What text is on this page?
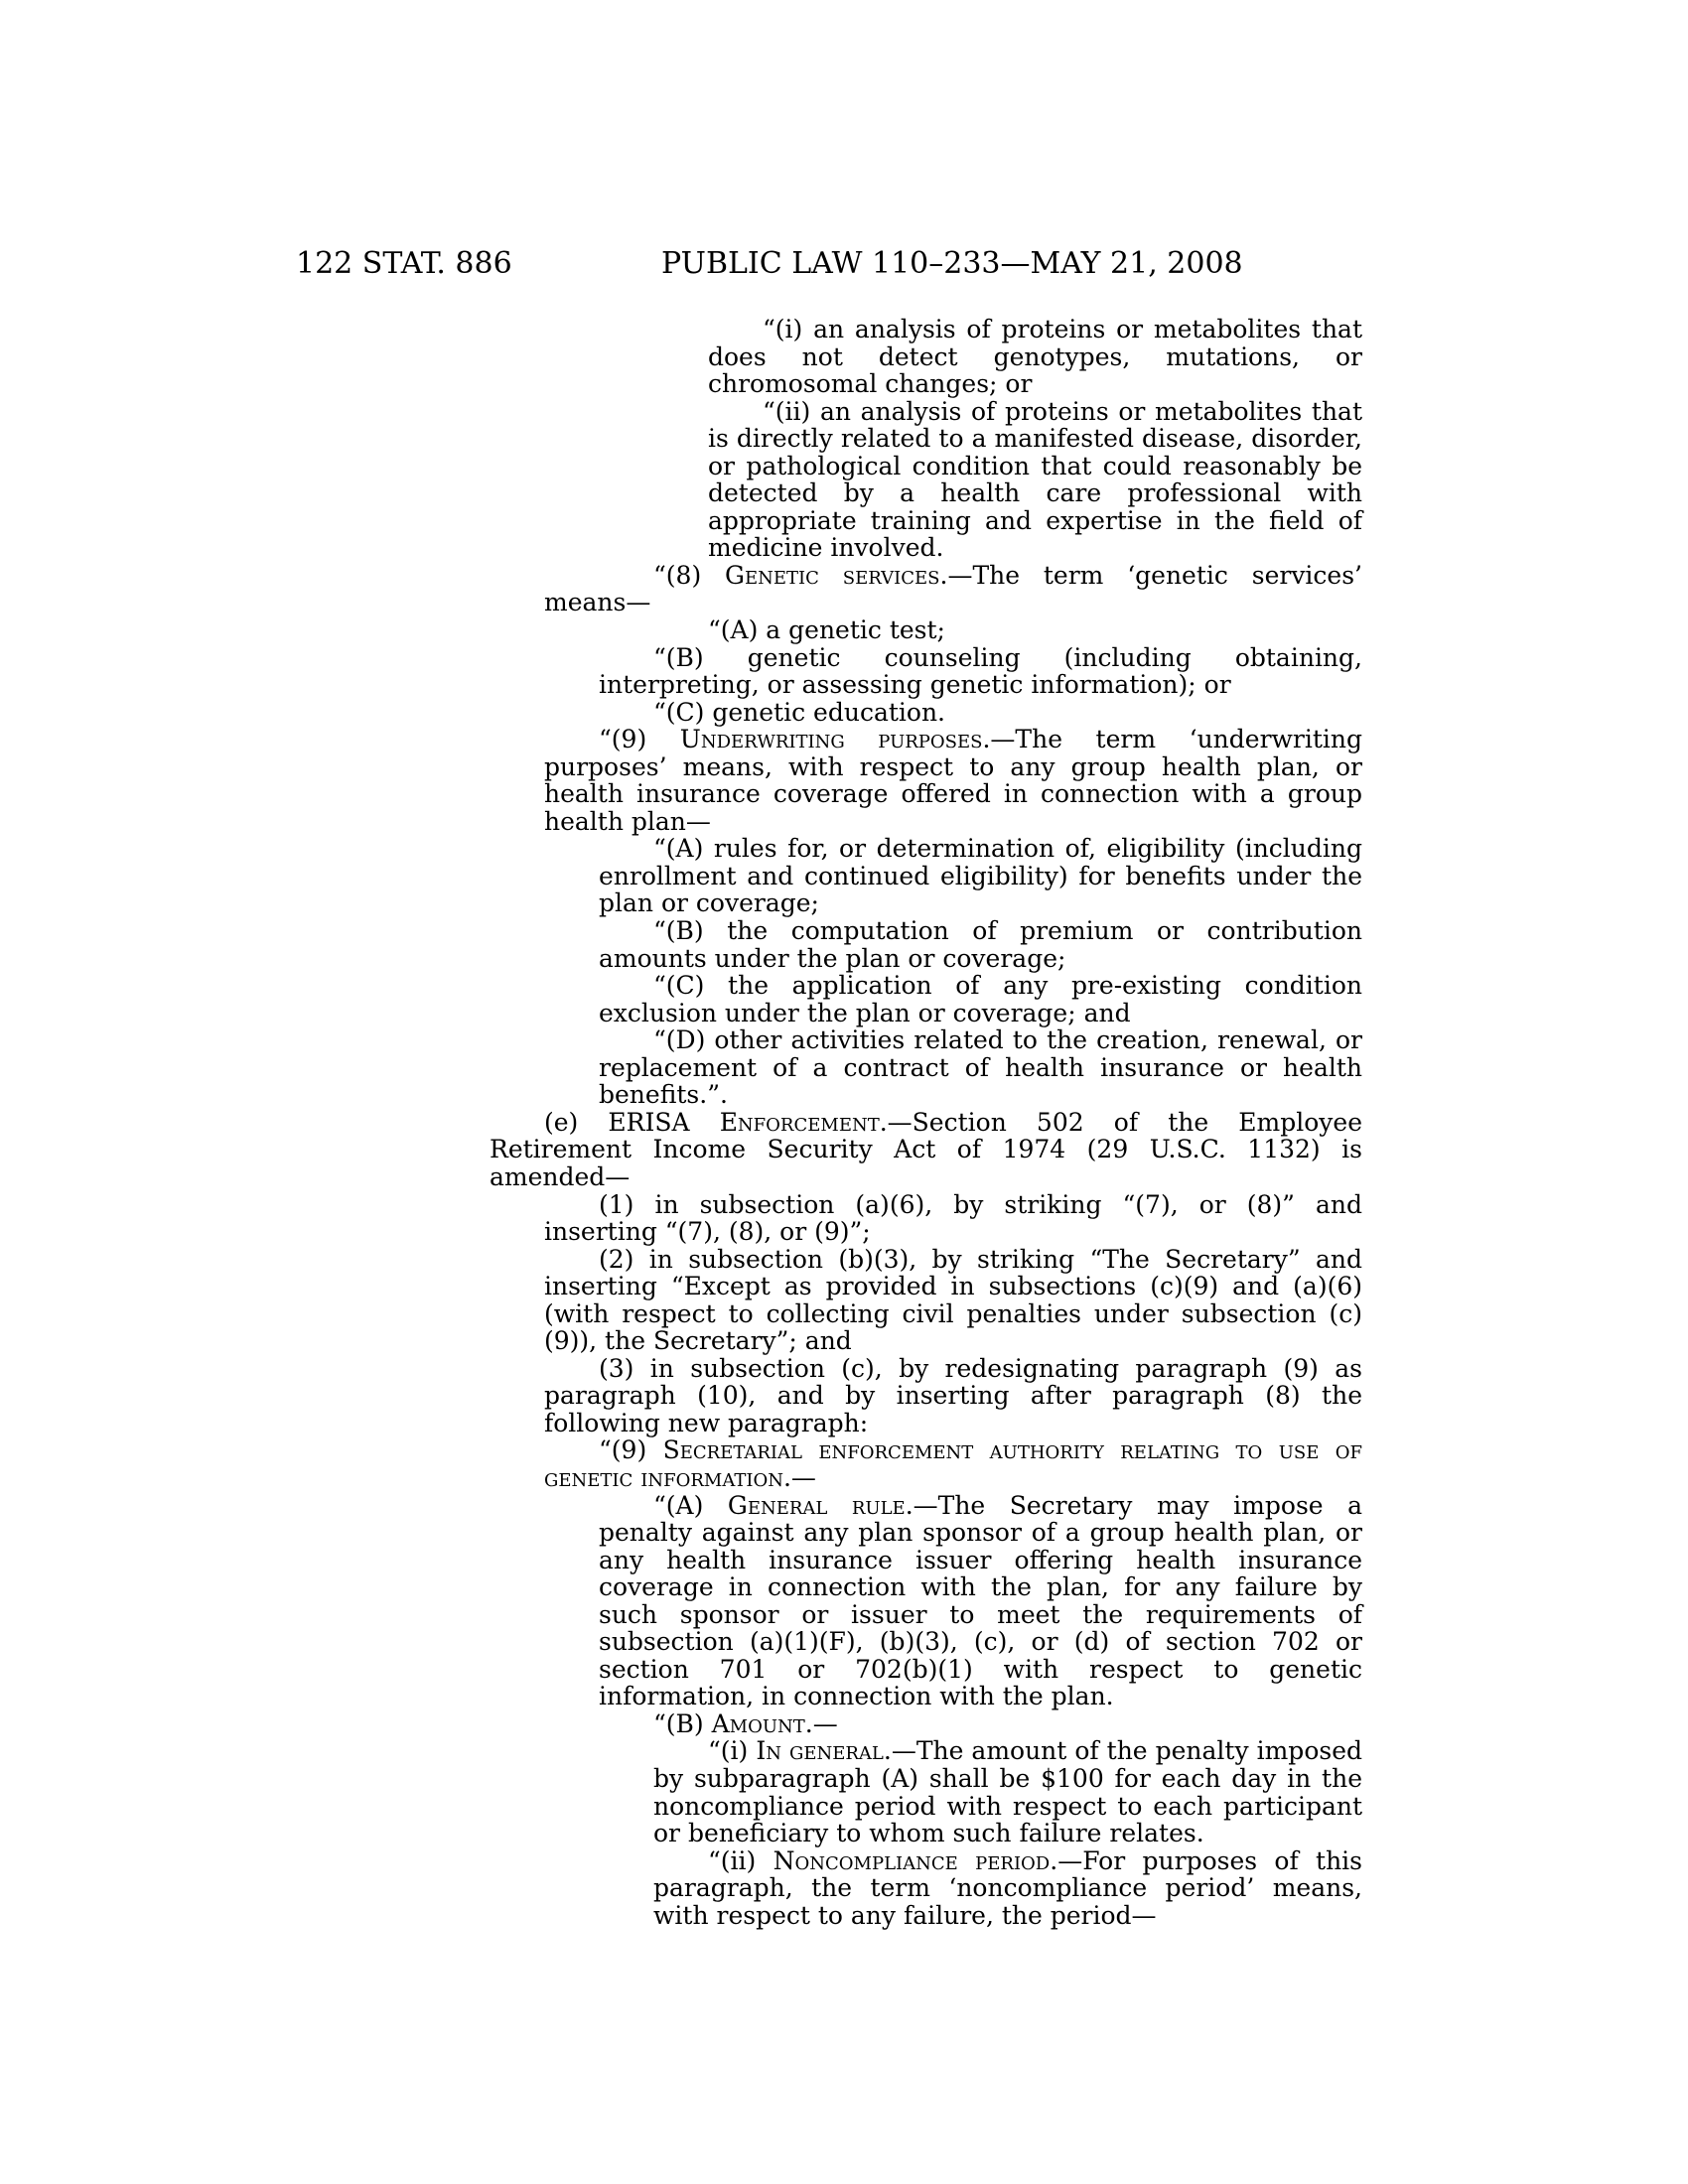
122 STAT. 886	PUBLIC LAW 110–233—MAY 21, 2008

“(i) an analysis of proteins or metabolites that does not detect genotypes, mutations, or chromosomal changes; or

“(ii) an analysis of proteins or metabolites that is directly related to a manifested disease, disorder, or pathological condition that could reasonably be detected by a health care professional with appropriate training and expertise in the field of medicine involved.

“(8) Genetic services.—The term ‘genetic services’ means—

“(A) a genetic test;

“(B) genetic counseling (including obtaining, interpreting, or assessing genetic information); or

“(C) genetic education.

“(9) Underwriting purposes.—The term ‘underwriting purposes’ means, with respect to any group health plan, or health insurance coverage offered in connection with a group health plan—

“(A) rules for, or determination of, eligibility (including enrollment and continued eligibility) for benefits under the plan or coverage;

“(B) the computation of premium or contribution amounts under the plan or coverage;

“(C) the application of any pre-existing condition exclusion under the plan or coverage; and

“(D) other activities related to the creation, renewal, or replacement of a contract of health insurance or health benefits.”.

(e) ERISA Enforcement.—Section 502 of the Employee Retirement Income Security Act of 1974 (29 U.S.C. 1132) is amended—

(1) in subsection (a)(6), by striking “(7), or (8)” and inserting “(7), (8), or (9)”;

(2) in subsection (b)(3), by striking “The Secretary” and inserting “Except as provided in subsections (c)(9) and (a)(6) (with respect to collecting civil penalties under subsection (c)(9)), the Secretary”; and

(3) in subsection (c), by redesignating paragraph (9) as paragraph (10), and by inserting after paragraph (8) the following new paragraph:

“(9) Secretarial enforcement authority relating to use of genetic information.—

“(A) General rule.—The Secretary may impose a penalty against any plan sponsor of a group health plan, or any health insurance issuer offering health insurance coverage in connection with the plan, for any failure by such sponsor or issuer to meet the requirements of subsection (a)(1)(F), (b)(3), (c), or (d) of section 702 or section 701 or 702(b)(1) with respect to genetic information, in connection with the plan.

“(B) Amount.—

“(i) In general.—The amount of the penalty imposed by subparagraph (A) shall be $100 for each day in the noncompliance period with respect to each participant or beneficiary to whom such failure relates.

“(ii) Noncompliance period.—For purposes of this paragraph, the term ‘noncompliance period’ means, with respect to any failure, the period—
